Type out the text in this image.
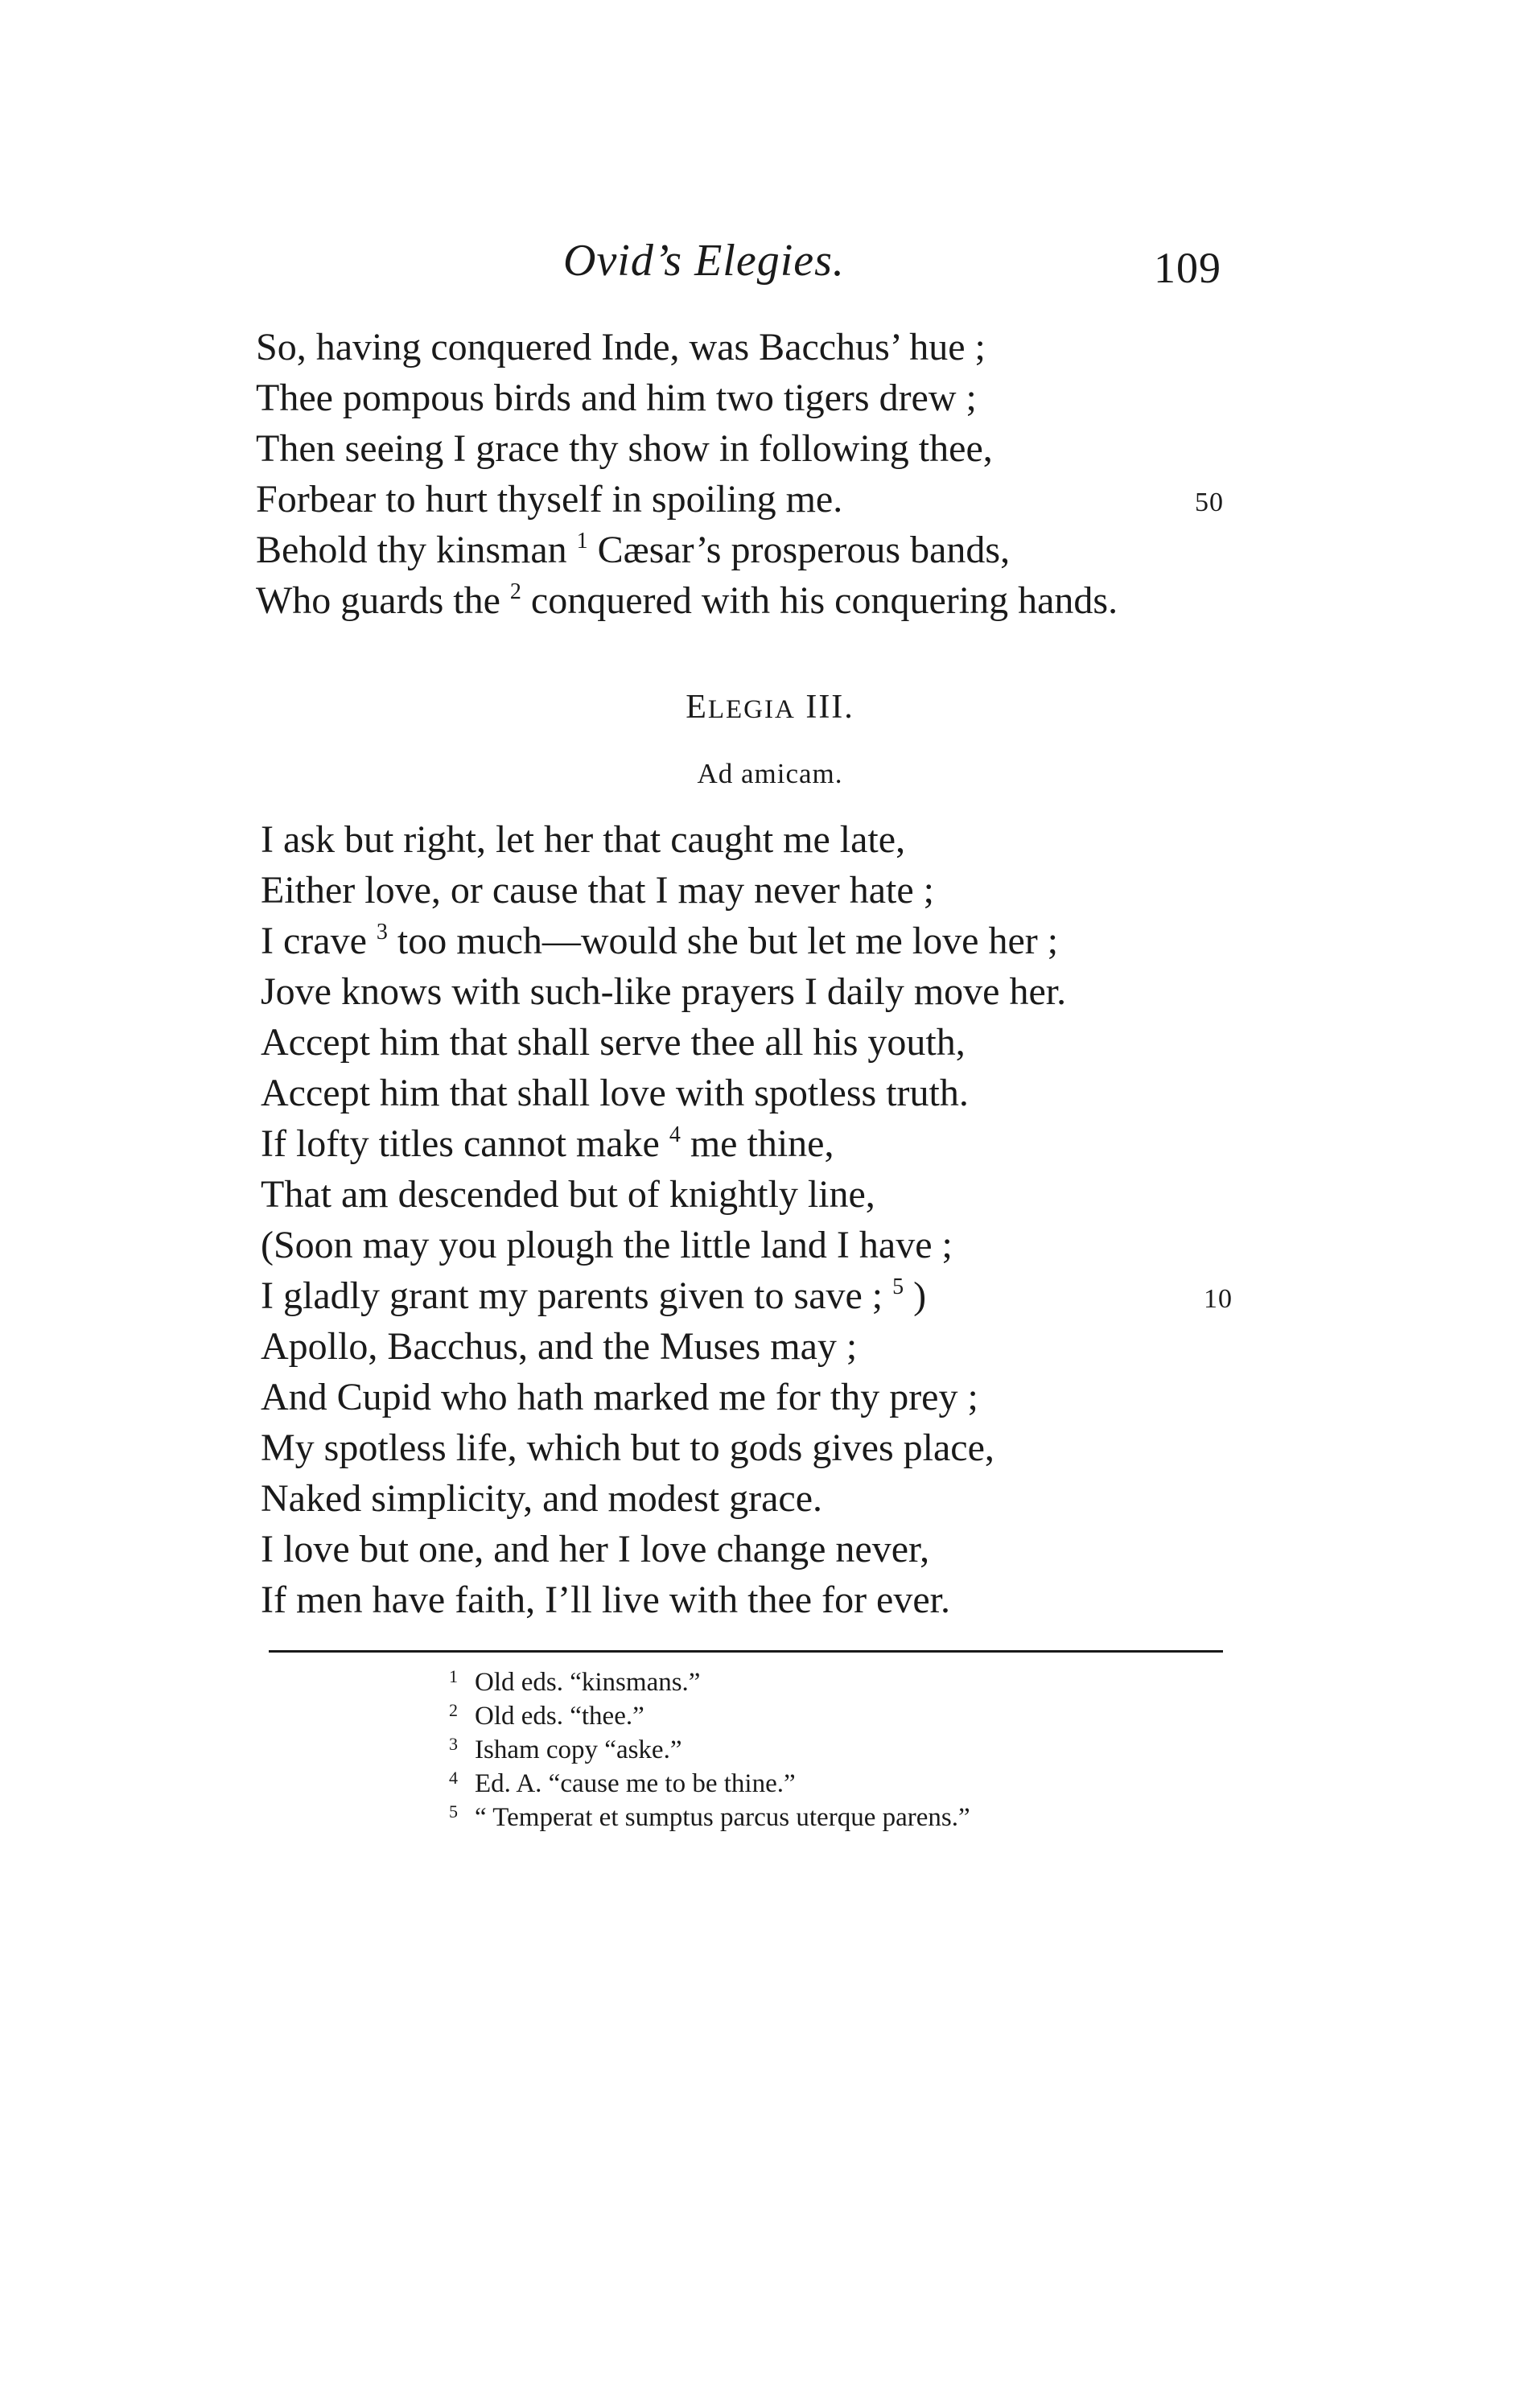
Ovid’s Elegies.	109
So, having conquered Inde, was Bacchus’ hue ;
Thee pompous birds and him two tigers drew ;
Then seeing I grace thy show in following thee,
Forbear to hurt thyself in spoiling me.	50
Behold thy kinsman $^1$ Cæsar’s prosperous bands,
Who guards the $^2$ conquered with his conquering hands.
ELEGIA III.
Ad amicam.
I ask but right, let her that caught me late,
Either love, or cause that I may never hate ;
I crave $^3$ too much—would she but let me love her ;
Jove knows with such-like prayers I daily move her.
Accept him that shall serve thee all his youth,
Accept him that shall love with spotless truth.
If lofty titles cannot make $^4$ me thine,
That am descended but of knightly line,
(Soon may you plough the little land I have ;
I gladly grant my parents given to save ; $^5$ )	10
Apollo, Bacchus, and the Muses may ;
And Cupid who hath marked me for thy prey ;
My spotless life, which but to gods gives place,
Naked simplicity, and modest grace.
I love but one, and her I love change never,
If men have faith, I’ll live with thee for ever.
1 Old eds. “kinsmans.”
2 Old eds. “thee.”
3 Isham copy “aske.”
4 Ed. A. “cause me to be thine.”
5 “ Temperat et sumptus parcus uterque parens.”
